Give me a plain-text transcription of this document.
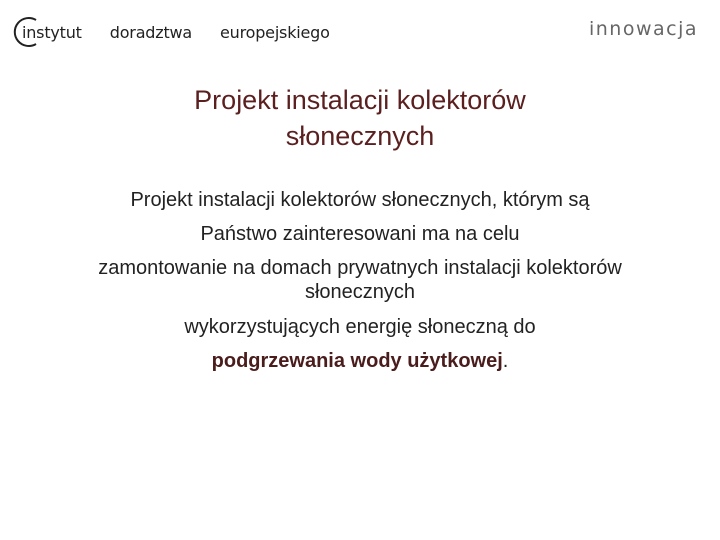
instytut doradztwa europejskiego	innowacja
Projekt instalacji kolektorów
słonecznych
Projekt instalacji kolektorów słonecznych, którym są
Państwo zainteresowani ma na celu
zamontowanie na domach prywatnych instalacji kolektorów
słonecznych
wykorzystujących energię słoneczną do
podgrzewania wody użytkowej.
